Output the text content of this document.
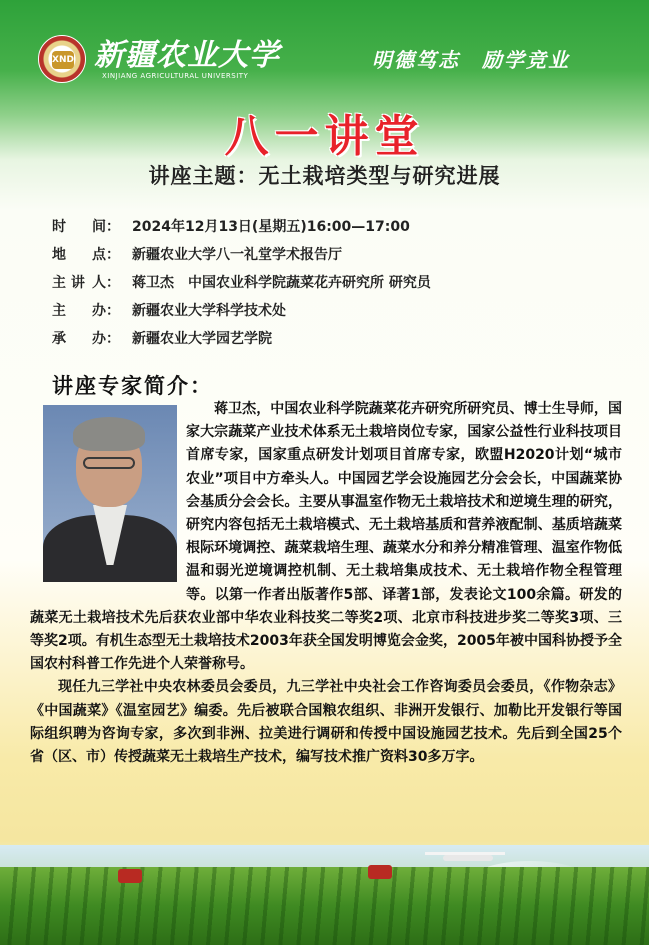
XND 新疆农业大学
XINJIANG AGRICULTURAL UNIVERSITY
明德笃志　励学竞业
八一讲堂
讲座主题：无土栽培类型与研究进展
时 间： 2024年12月13日(星期五)16:00—17:00
地 点： 新疆农业大学八一礼堂学术报告厅
主 讲 人： 蒋卫杰　中国农业科学院蔬菜花卉研究所 研究员
主 办： 新疆农业大学科学技术处
承 办： 新疆农业大学园艺学院
讲座专家简介：

蒋卫杰，中国农业科学院蔬菜花卉研究所研究员、博士生导师，国家大宗蔬菜产业技术体系无土栽培岗位专家，国家公益性行业科技项目首席专家，国家重点研发计划项目首席专家，欧盟H2020计划“城市农业”项目中方牵头人。中国园艺学会设施园艺分会会长，中国蔬菜协会基质分会会长。主要从事温室作物无土栽培技术和逆境生理的研究，研究内容包括无土栽培模式、无土栽培基质和营养液配制、基质培蔬菜根际环境调控、蔬菜栽培生理、蔬菜水分和养分精准管理、温室作物低温和弱光逆境调控机制、无土栽培集成技术、无土栽培作物全程管理等。以第一作者出版著作5部、译著1部，发表论文100余篇。研发的蔬菜无土栽培技术先后获农业部中华农业科技奖二等奖2项、北京市科技进步奖二等奖3项、三等奖2项。有机生态型无土栽培技术2003年获全国发明博览会金奖，2005年被中国科协授予全国农村科普工作先进个人荣誉称号。

现任九三学社中央农林委员会委员，九三学社中央社会工作咨询委员会委员，《作物杂志》《中国蔬菜》《温室园艺》编委。先后被联合国粮农组织、非洲开发银行、加勒比开发银行等国际组织聘为咨询专家，多次到非洲、拉美进行调研和传授中国设施园艺技术。先后到全国25个省（区、市）传授蔬菜无土栽培生产技术，编写技术推广资料30多万字。
